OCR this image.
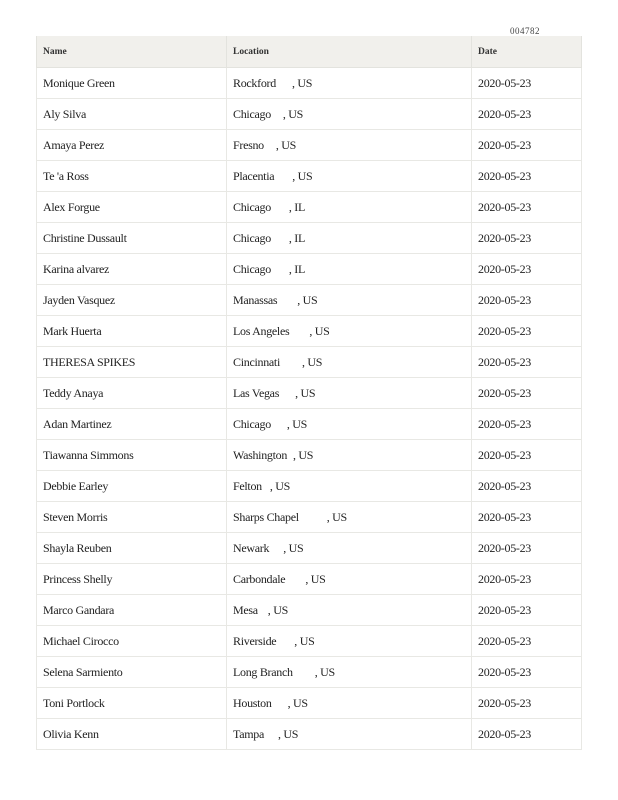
004782
Name	Location	Date
Monique Green	Rockford , US	2020-05-23
Aly Silva	Chicago , US	2020-05-23
Amaya Perez	Fresno , US	2020-05-23
Te 'a Ross	Placentia , US	2020-05-23
Alex Forgue	Chicago , IL	2020-05-23
Christine Dussault	Chicago , IL	2020-05-23
Karina alvarez	Chicago , IL	2020-05-23
Jayden Vasquez	Manassas , US	2020-05-23
Mark Huerta	Los Angeles , US	2020-05-23
THERESA SPIKES	Cincinnati , US	2020-05-23
Teddy Anaya	Las Vegas , US	2020-05-23
Adan Martinez	Chicago , US	2020-05-23
Tiawanna Simmons	Washington , US	2020-05-23
Debbie Earley	Felton , US	2020-05-23
Steven Morris	Sharps Chapel , US	2020-05-23
Shayla Reuben	Newark , US	2020-05-23
Princess Shelly	Carbondale , US	2020-05-23
Marco Gandara	Mesa , US	2020-05-23
Michael Cirocco	Riverside , US	2020-05-23
Selena Sarmiento	Long Branch , US	2020-05-23
Toni Portlock	Houston , US	2020-05-23
Olivia Kenn	Tampa , US	2020-05-23
